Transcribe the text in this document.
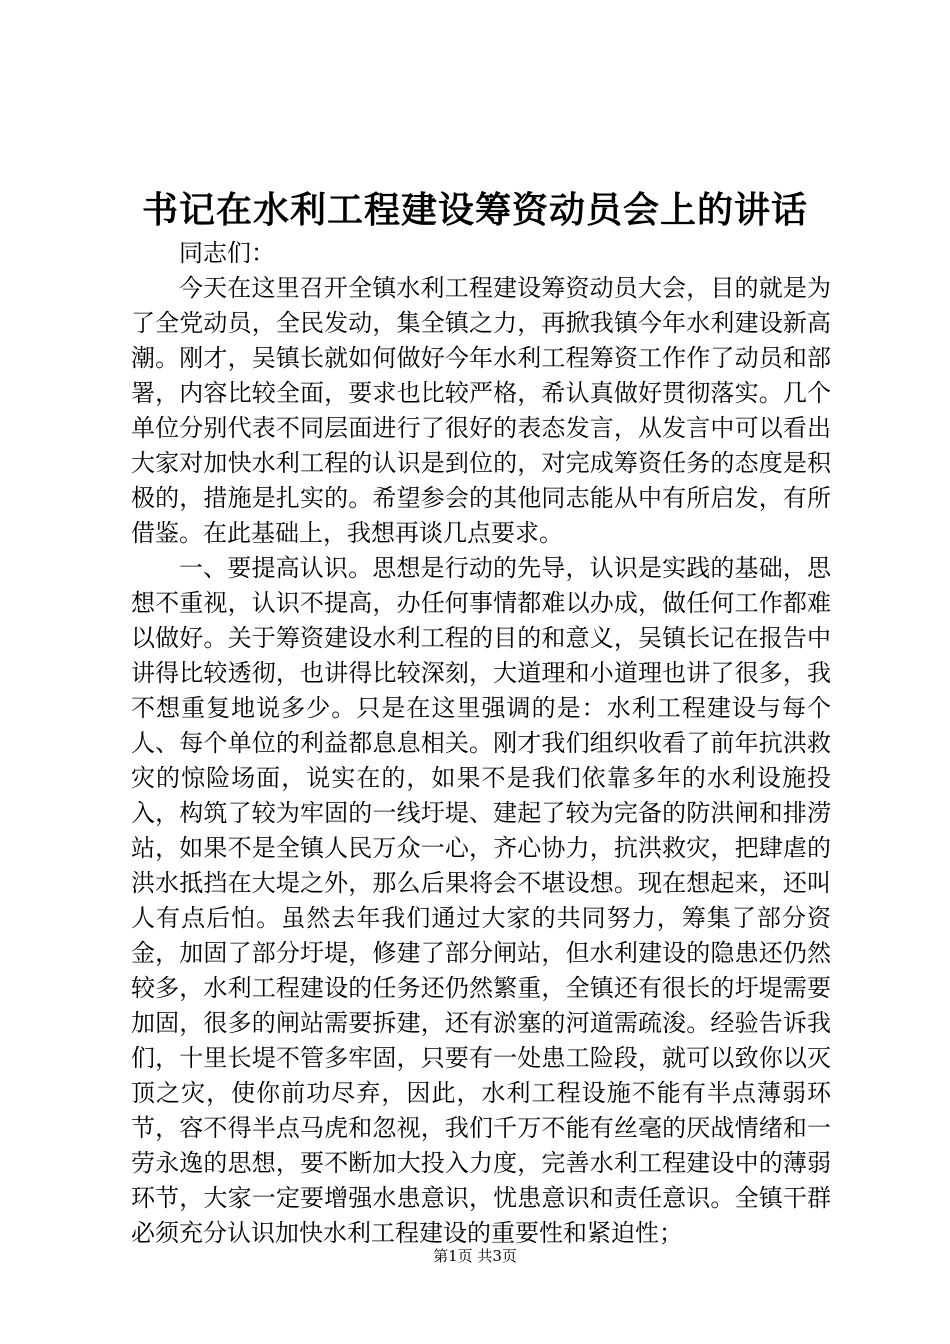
书记在水利工程建设筹资动员会上的讲话

同志们：

今天在这里召开全镇水利工程建设筹资动员大会，目的就是为了全党动员，全民发动，集全镇之力，再掀我镇今年水利建设新高潮。刚才，吴镇长就如何做好今年水利工程筹资工作作了动员和部署，内容比较全面，要求也比较严格，希认真做好贯彻落实。几个单位分别代表不同层面进行了很好的表态发言，从发言中可以看出大家对加快水利工程的认识是到位的，对完成筹资任务的态度是积极的，措施是扎实的。希望参会的其他同志能从中有所启发，有所借鉴。在此基础上，我想再谈几点要求。

一、要提高认识。思想是行动的先导，认识是实践的基础，思想不重视，认识不提高，办任何事情都难以办成，做任何工作都难以做好。关于筹资建设水利工程的目的和意义，吴镇长记在报告中讲得比较透彻，也讲得比较深刻，大道理和小道理也讲了很多，我不想重复地说多少。只是在这里强调的是：水利工程建设与每个人、每个单位的利益都息息相关。刚才我们组织收看了前年抗洪救灾的惊险场面，说实在的，如果不是我们依靠多年的水利设施投入，构筑了较为牢固的一线圩堤、建起了较为完备的防洪闸和排涝站，如果不是全镇人民万众一心，齐心协力，抗洪救灾，把肆虐的洪水抵挡在大堤之外，那么后果将会不堪设想。现在想起来，还叫人有点后怕。虽然去年我们通过大家的共同努力，筹集了部分资金，加固了部分圩堤，修建了部分闸站，但水利建设的隐患还仍然较多，水利工程建设的任务还仍然繁重，全镇还有很长的圩堤需要加固，很多的闸站需要拆建，还有淤塞的河道需疏浚。经验告诉我们，十里长堤不管多牢固，只要有一处患工险段，就可以致你以灭顶之灾，使你前功尽弃，因此，水利工程设施不能有半点薄弱环节，容不得半点马虎和忽视，我们千万不能有丝毫的厌战情绪和一劳永逸的思想，要不断加大投入力度，完善水利工程建设中的薄弱环节，大家一定要增强水患意识，忧患意识和责任意识。全镇干群必须充分认识加快水利工程建设的重要性和紧迫性；

第1页 共3页
